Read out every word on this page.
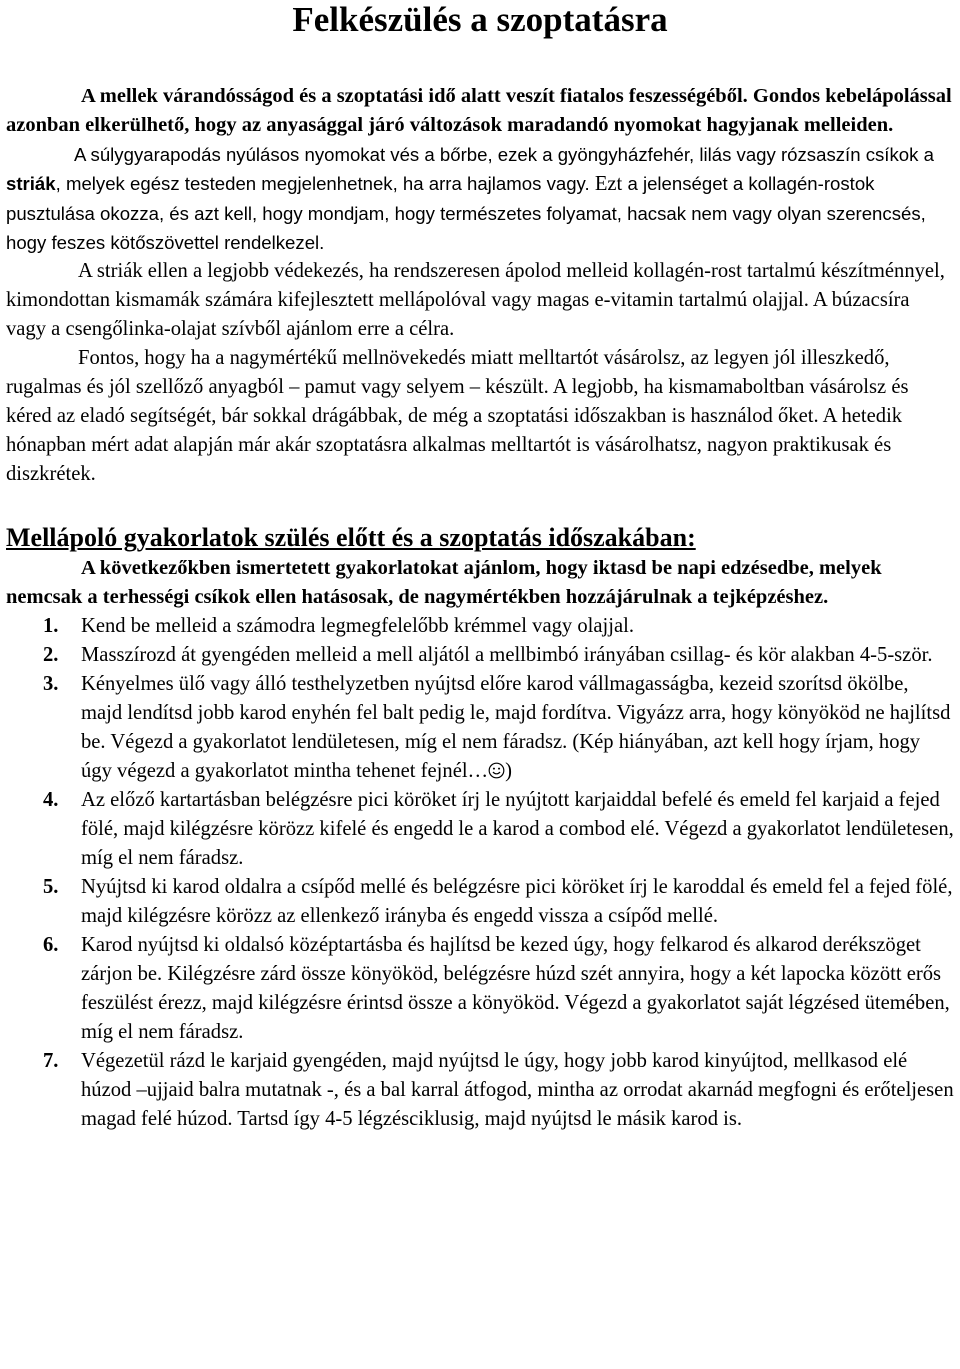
Felkészülés a szoptatásra

A mellek várandósságod és a szoptatási idő alatt veszít fiatalos feszességéből. Gondos kebelápolással azonban elkerülhető, hogy az anyasággal járó változások maradandó nyomokat hagyjanak melleiden.

A súlygyarapodás nyúlásos nyomokat vés a bőrbe, ezek a gyöngyházfehér, lilás vagy rózsaszín csíkok a striák, melyek egész testeden megjelenhetnek, ha arra hajlamos vagy. Ezt a jelenséget a kollagén-rostok pusztulása okozza, és azt kell, hogy mondjam, hogy természetes folyamat, hacsak nem vagy olyan szerencsés, hogy feszes kötőszövettel rendelkezel.

A striák ellen a legjobb védekezés, ha rendszeresen ápolod melleid kollagén-rost tartalmú készítménnyel, kimondottan kismamák számára kifejlesztett mellápolóval vagy magas e-vitamin tartalmú olajjal. A búzacsíra vagy a csengőlinka-olajat szívből ajánlom erre a célra.

Fontos, hogy ha a nagymértékű mellnövekedés miatt melltartót vásárolsz, az legyen jól illeszkedő, rugalmas és jól szellőző anyagból – pamut vagy selyem – készült. A legjobb, ha kismamaboltban vásárolsz és kéred az eladó segítségét, bár sokkal drágábbak, de még a szoptatási időszakban is használod őket. A hetedik hónapban mért adat alapján már akár szoptatásra alkalmas melltartót is vásárolhatsz, nagyon praktikusak és diszkrétek.

Mellápoló gyakorlatok szülés előtt és a szoptatás időszakában:

A következőkben ismertetett gyakorlatokat ajánlom, hogy iktasd be napi edzésedbe, melyek nemcsak a terhességi csíkok ellen hatásosak, de nagymértékben hozzájárulnak a tejképzéshez.

1. Kend be melleid a számodra legmegfelelőbb krémmel vagy olajjal.
2. Masszírozd át gyengéden melleid a mell aljától a mellbimbó irányában csillag- és kör alakban 4-5-ször.
3. Kényelmes ülő vagy álló testhelyzetben nyújtsd előre karod vállmagasságba, kezeid szorítsd ökölbe, majd lendítsd jobb karod enyhén fel balt pedig le, majd fordítva. Vigyázz arra, hogy könyököd ne hajlítsd be. Végezd a gyakorlatot lendületesen, míg el nem fáradsz. (Kép hiányában, azt kell hogy írjam, hogy úgy végezd a gyakorlatot mintha tehenet fejnél… )
4. Az előző kartartásban belégzésre pici köröket írj le nyújtott karjaiddal befelé és emeld fel karjaid a fejed fölé, majd kilégzésre körözz kifelé és engedd le a karod a combod elé. Végezd a gyakorlatot lendületesen, míg el nem fáradsz.
5. Nyújtsd ki karod oldalra a csípőd mellé és belégzésre pici köröket írj le karoddal és emeld fel a fejed fölé, majd kilégzésre körözz az ellenkező irányba és engedd vissza a csípőd mellé.
6. Karod nyújtsd ki oldalsó középtartásba és hajlítsd be kezed úgy, hogy felkarod és alkarod derékszöget zárjon be. Kilégzésre zárd össze könyököd, belégzésre húzd szét annyira, hogy a két lapocka között erős feszülést érezz, majd kilégzésre érintsd össze a könyököd. Végezd a gyakorlatot saját légzésed ütemében, míg el nem fáradsz.
7. Végezetül rázd le karjaid gyengéden, majd nyújtsd le úgy, hogy jobb karod kinyújtod, mellkasod elé húzod –ujjaid balra mutatnak -, és a bal karral átfogod, mintha az orrodat akarnád megfogni és erőteljesen magad felé húzod. Tartsd így 4-5 légzésciklusig, majd nyújtsd le másik karod is.
